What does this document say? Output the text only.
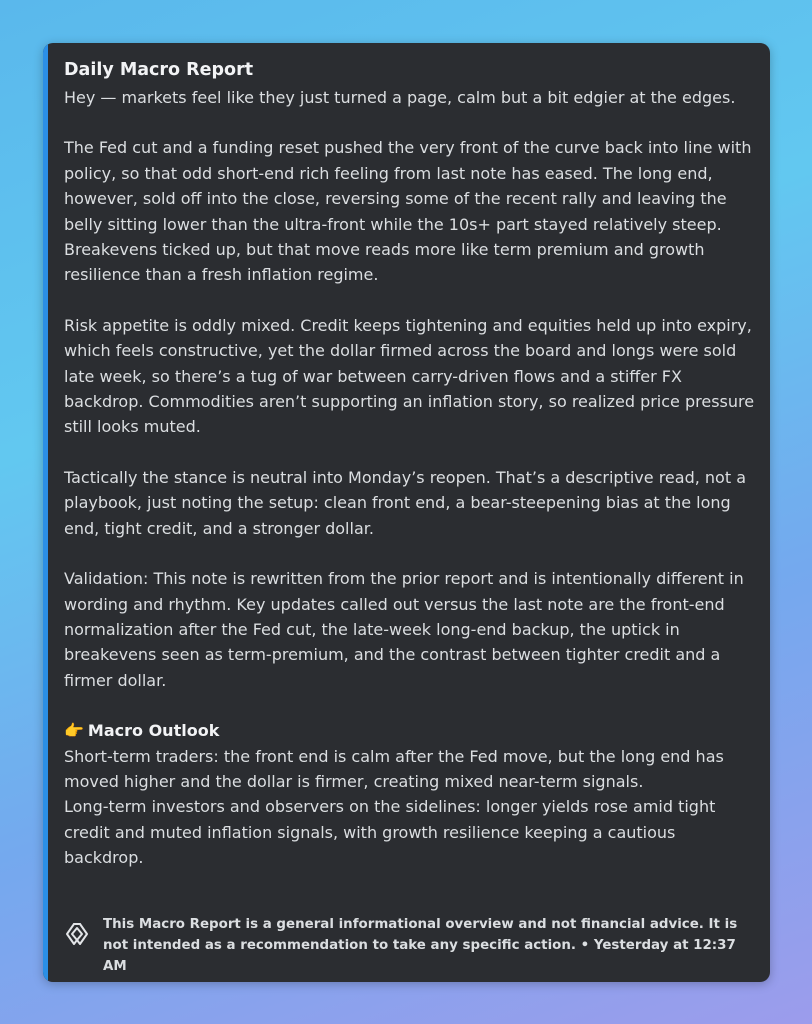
Daily Macro Report

Hey — markets feel like they just turned a page, calm but a bit edgier at the edges.

The Fed cut and a funding reset pushed the very front of the curve back into line with policy, so that odd short-end rich feeling from last note has eased. The long end, however, sold off into the close, reversing some of the recent rally and leaving the belly sitting lower than the ultra-front while the 10s+ part stayed relatively steep. Breakevens ticked up, but that move reads more like term premium and growth resilience than a fresh inflation regime.

Risk appetite is oddly mixed. Credit keeps tightening and equities held up into expiry, which feels constructive, yet the dollar firmed across the board and longs were sold late week, so there’s a tug of war between carry-driven flows and a stiffer FX backdrop. Commodities aren’t supporting an inflation story, so realized price pressure still looks muted.

Tactically the stance is neutral into Monday’s reopen. That’s a descriptive read, not a playbook, just noting the setup: clean front end, a bear-steepening bias at the long end, tight credit, and a stronger dollar.

Validation: This note is rewritten from the prior report and is intentionally different in wording and rhythm. Key updates called out versus the last note are the front-end normalization after the Fed cut, the late-week long-end backup, the uptick in breakevens seen as term-premium, and the contrast between tighter credit and a firmer dollar.

👉 Macro Outlook
Short-term traders: the front end is calm after the Fed move, but the long end has moved higher and the dollar is firmer, creating mixed near-term signals.
Long-term investors and observers on the sidelines: longer yields rose amid tight credit and muted inflation signals, with growth resilience keeping a cautious backdrop.
This Macro Report is a general informational overview and not financial advice. It is not intended as a recommendation to take any specific action. • Yesterday at 12:37 AM
